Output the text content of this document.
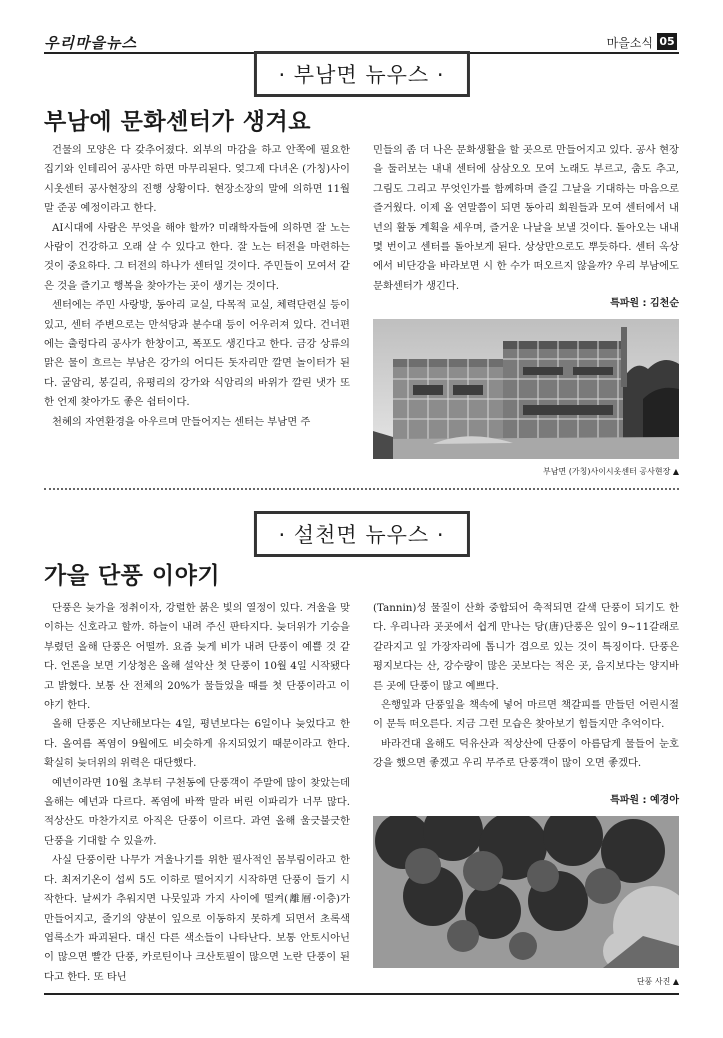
우리마을뉴스	마을소식 05
· 부남면 뉴우스 ·
부남에 문화센터가 생겨요

건물의 모양은 다 갖추어졌다. 외부의 마감을 하고 안쪽에 필요한 집기와 인테리어 공사만 하면 마무리된다. 엊그제 다녀온 (가칭)사이시옷센터 공사현장의 진행 상황이다. 현장소장의 말에 의하면 11월 말 준공 예정이라고 한다.

AI시대에 사람은 무엇을 해야 할까? 미래학자들에 의하면 잘 노는 사람이 건강하고 오래 살 수 있다고 한다. 잘 노는 터전을 마련하는 것이 중요하다. 그 터전의 하나가 센터일 것이다. 주민들이 모여서 같은 것을 즐기고 행복을 찾아가는 곳이 생기는 것이다.

센터에는 주민 사랑방, 동아리 교실, 다목적 교실, 체력단련실 등이 있고, 센터 주변으로는 만석당과 분수대 등이 어우러져 있다. 건너편에는 출렁다리 공사가 한창이고, 폭포도 생긴다고 한다. 금강 상류의 맑은 물이 흐르는 부남은 강가의 어디든 돗자리만 깔면 놀이터가 된다. 굴암리, 봉길리, 유평리의 강가와 식암리의 바위가 깔린 냇가 또한 언제 찾아가도 좋은 쉼터이다.

천혜의 자연환경을 아우르며 만들어지는 센터는 부남면 주

민들의 좀 더 나은 문화생활을 할 곳으로 만들어지고 있다. 공사 현장을 둘러보는 내내 센터에 삼삼오오 모여 노래도 부르고, 춤도 추고, 그림도 그리고 무엇인가를 함께하며 즐길 그날을 기대하는 마음으로 즐거웠다. 이제 올 연말쯤이 되면 동아리 회원들과 모여 센터에서 내년의 활동 계획을 세우며, 즐거운 나날을 보낼 것이다. 돌아오는 내내 몇 번이고 센터를 돌아보게 된다. 상상만으로도 뿌듯하다. 센터 옥상에서 비단강을 바라보면 시 한 수가 떠오르지 않을까? 우리 부남에도 문화센터가 생긴다.

특파원 : 김천순
부남면 (가칭)사이시옷센터 공사현장 ▲
· 설천면 뉴우스 ·
가을 단풍 이야기

단풍은 늦가을 정취이자, 강렬한 붉은 빛의 열정이 있다. 겨울을 맞이하는 신호라고 할까. 하늘이 내려 주신 판타지다. 늦더위가 기승을 부렸던 올해 단풍은 어떨까. 요즘 늦게 비가 내려 단풍이 예쁠 것 같다. 언론을 보면 기상청은 올해 설악산 첫 단풍이 10월 4일 시작됐다고 밝혔다. 보통 산 전체의 20%가 물들었을 때를 첫 단풍이라고 이야기 한다.

올해 단풍은 지난해보다는 4일, 평년보다는 6일이나 늦었다고 한다. 올여름 폭염이 9월에도 비슷하게 유지되었기 때문이라고 한다. 확실히 늦더위의 위력은 대단했다.

예년이라면 10월 초부터 구천동에 단풍객이 주말에 많이 찾았는데 올해는 예년과 다르다. 폭염에 바짝 말라 버린 이파리가 너무 많다. 적상산도 마찬가지로 아직은 단풍이 이르다. 과연 올해 울긋불긋한 단풍을 기대할 수 있을까.

사실 단풍이란 나무가 겨울나기를 위한 필사적인 몸부림이라고 한다. 최저기온이 섭씨 5도 이하로 떨어지기 시작하면 단풍이 들기 시작한다. 날씨가 추워지면 나뭇잎과 가지 사이에 떨켜(離層·이층)가 만들어지고, 줄기의 양분이 잎으로 이동하지 못하게 되면서 초록색 엽록소가 파괴된다. 대신 다른 색소들이 나타난다. 보통 안토시아닌이 많으면 빨간 단풍, 카로틴이나 크산토필이 많으면 노란 단풍이 된다고 한다. 또 타닌

(Tannin)성 물질이 산화 중합되어 축적되면 갈색 단풍이 되기도 한다. 우리나라 곳곳에서 쉽게 만나는 당(唐)단풍은 잎이 9~11갈래로 갈라지고 잎 가장자리에 톱니가 겹으로 있는 것이 특징이다. 단풍은 평지보다는 산, 강수량이 많은 곳보다는 적은 곳, 음지보다는 양지바른 곳에 단풍이 많고 예쁘다.

은행잎과 단풍잎을 책속에 넣어 마르면 책갈피를 만들던 어린시절이 문득 떠오른다. 지금 그런 모습은 찾아보기 힘들지만 추억이다.

바라건대 올해도 덕유산과 적상산에 단풍이 아름답게 물들어 눈호강을 했으면 좋겠고 우리 무주로 단풍객이 많이 오면 좋겠다.

특파원 : 예경아
단풍 사진 ▲
